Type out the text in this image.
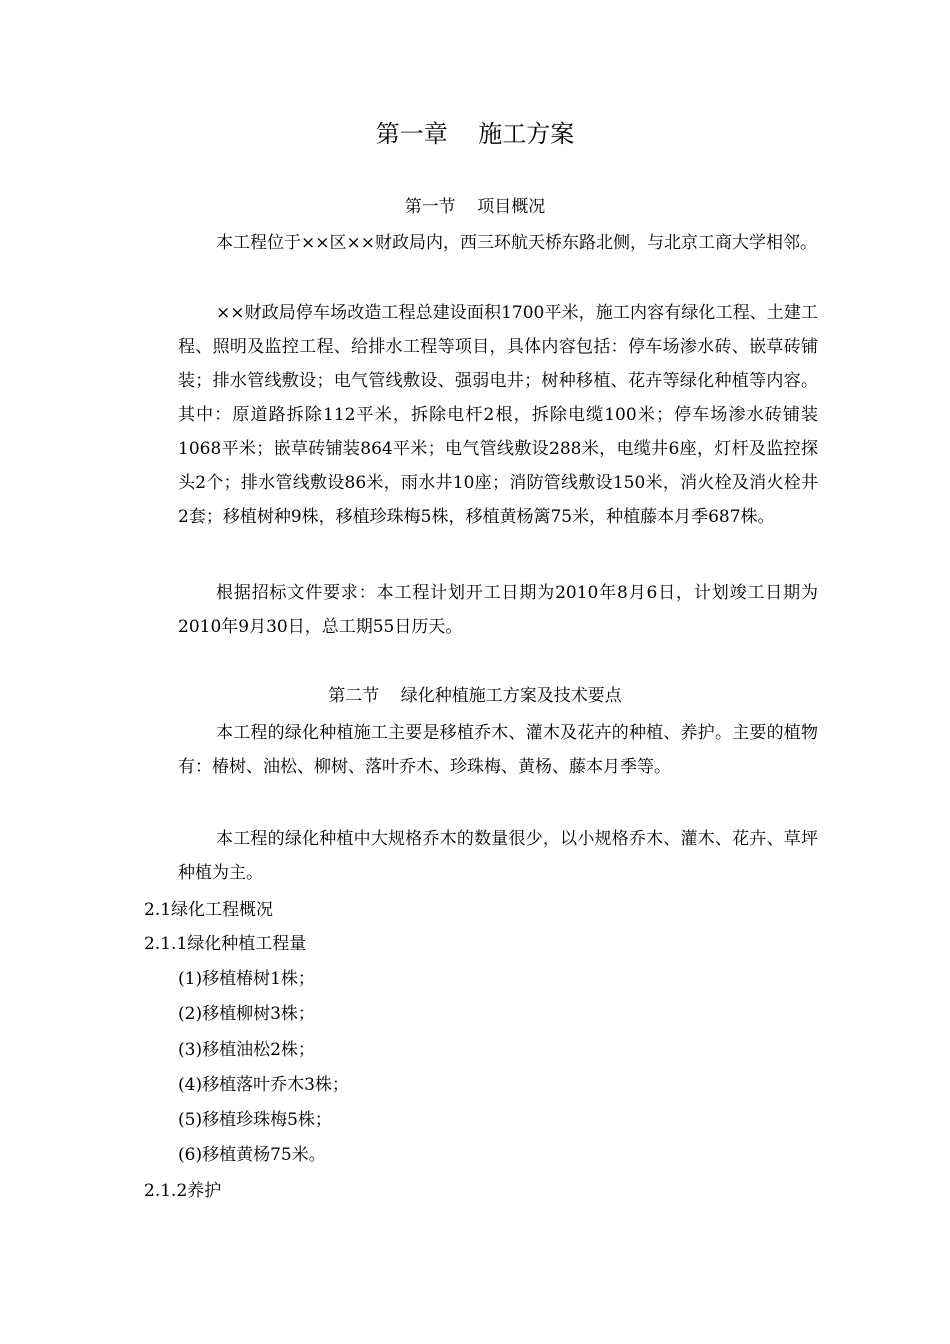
第一章    施工方案
第一节    项目概况

本工程位于××区××财政局内，西三环航天桥东路北侧，与北京工商大学相邻。

××财政局停车场改造工程总建设面积1700平米，施工内容有绿化工程、土建工程、照明及监控工程、给排水工程等项目，具体内容包括：停车场渗水砖、嵌草砖铺装；排水管线敷设；电气管线敷设、强弱电井；树种移植、花卉等绿化种植等内容。其中：原道路拆除112平米，拆除电杆2根，拆除电缆100米；停车场渗水砖铺装1068平米；嵌草砖铺装864平米；电气管线敷设288米，电缆井6座，灯杆及监控探头2个；排水管线敷设86米，雨水井10座；消防管线敷设150米，消火栓及消火栓井2套；移植树种9株，移植珍珠梅5株，移植黄杨篱75米，种植藤本月季687株。

根据招标文件要求：本工程计划开工日期为2010年8月6日，计划竣工日期为2010年9月30日，总工期55日历天。

第二节    绿化种植施工方案及技术要点

本工程的绿化种植施工主要是移植乔木、灌木及花卉的种植、养护。主要的植物有：椿树、油松、柳树、落叶乔木、珍珠梅、黄杨、藤本月季等。

本工程的绿化种植中大规格乔木的数量很少，以小规格乔木、灌木、花卉、草坪种植为主。

2.1绿化工程概况
2.1.1绿化种植工程量
(1)移植椿树1株；
(2)移植柳树3株；
(3)移植油松2株；
(4)移植落叶乔木3株；
(5)移植珍珠梅5株；
(6)移植黄杨75米。
2.1.2养护
